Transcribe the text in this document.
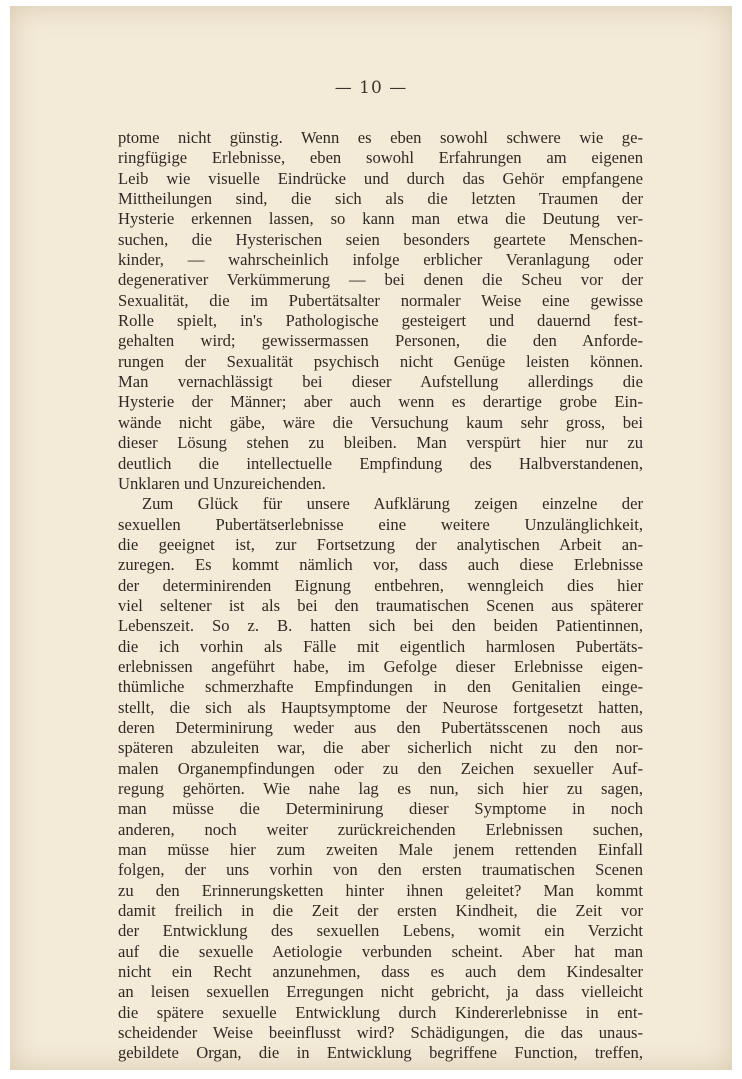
— 10 —
ptome nicht günstig. Wenn es eben sowohl schwere wie ge-
ringfügige Erlebnisse, eben sowohl Erfahrungen am eigenen
Leib wie visuelle Eindrücke und durch das Gehör empfangene
Mittheilungen sind, die sich als die letzten Traumen der
Hysterie erkennen lassen, so kann man etwa die Deutung ver-
suchen, die Hysterischen seien besonders geartete Menschen-
kinder, — wahrscheinlich infolge erblicher Veranlagung oder
degenerativer Verkümmerung — bei denen die Scheu vor der
Sexualität, die im Pubertätsalter normaler Weise eine gewisse
Rolle spielt, in's Pathologische gesteigert und dauernd fest-
gehalten wird; gewissermassen Personen, die den Anforde-
rungen der Sexualität psychisch nicht Genüge leisten können.
Man vernachlässigt bei dieser Aufstellung allerdings die
Hysterie der Männer; aber auch wenn es derartige grobe Ein-
wände nicht gäbe, wäre die Versuchung kaum sehr gross, bei
dieser Lösung stehen zu bleiben. Man verspürt hier nur zu
deutlich die intellectuelle Empfindung des Halbverstandenen,
Unklaren und Unzureichenden.
Zum Glück für unsere Aufklärung zeigen einzelne der
sexuellen Pubertätserlebnisse eine weitere Unzulänglichkeit,
die geeignet ist, zur Fortsetzung der analytischen Arbeit an-
zuregen. Es kommt nämlich vor, dass auch diese Erlebnisse
der determinirenden Eignung entbehren, wenngleich dies hier
viel seltener ist als bei den traumatischen Scenen aus späterer
Lebenszeit. So z. B. hatten sich bei den beiden Patientinnen,
die ich vorhin als Fälle mit eigentlich harmlosen Pubertäts-
erlebnissen angeführt habe, im Gefolge dieser Erlebnisse eigen-
thümliche schmerzhafte Empfindungen in den Genitalien einge-
stellt, die sich als Hauptsymptome der Neurose fortgesetzt hatten,
deren Determinirung weder aus den Pubertätsscenen noch aus
späteren abzuleiten war, die aber sicherlich nicht zu den nor-
malen Organempfindungen oder zu den Zeichen sexueller Auf-
regung gehörten. Wie nahe lag es nun, sich hier zu sagen,
man müsse die Determinirung dieser Symptome in noch
anderen, noch weiter zurückreichenden Erlebnissen suchen,
man müsse hier zum zweiten Male jenem rettenden Einfall
folgen, der uns vorhin von den ersten traumatischen Scenen
zu den Erinnerungsketten hinter ihnen geleitet? Man kommt
damit freilich in die Zeit der ersten Kindheit, die Zeit vor
der Entwicklung des sexuellen Lebens, womit ein Verzicht
auf die sexuelle Aetiologie verbunden scheint. Aber hat man
nicht ein Recht anzunehmen, dass es auch dem Kindesalter
an leisen sexuellen Erregungen nicht gebricht, ja dass vielleicht
die spätere sexuelle Entwicklung durch Kindererlebnisse in ent-
scheidender Weise beeinflusst wird? Schädigungen, die das unaus-
gebildete Organ, die in Entwicklung begriffene Function, treffen,
